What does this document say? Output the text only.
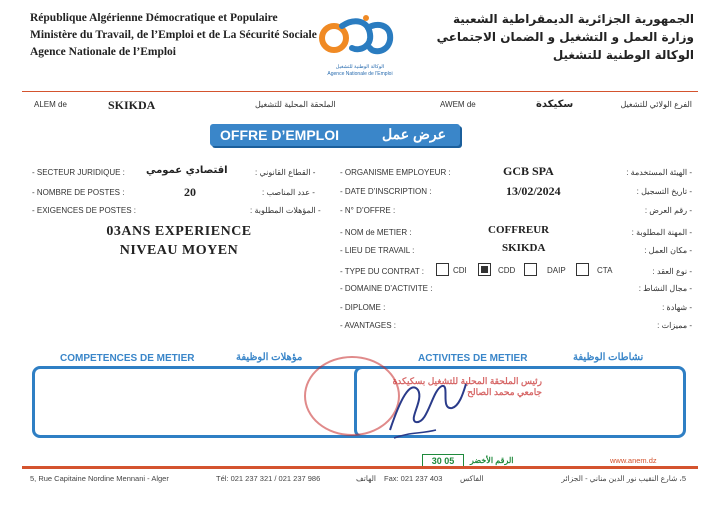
République Algérienne Démocratique et Populaire
Ministère du Travail, de l’Emploi et de La Sécurité Sociale
Agence Nationale de l’Emploi
الوكالة الوطنية للتشغيل
Agence Nationale de l'Emploi
الجمهورية الجزائرية الديمقراطية الشعبية
وزارة العمل و التشغيل و الضمان الاجتماعي
الوكالة الوطنية للتشغيل
ALEM de	SKIKDA	الملحقة المحلية للتشغيل	AWEM de	سكيكدة	الفرع الولائي للتشغيل
OFFRE D’EMPLOI	عرض عمل
- SECTEUR JURIDIQUE : اقتصادي عمومي	- القطاع القانوني :
- NOMBRE DE POSTES :	20	- عدد المناصب :
- EXIGENCES DE POSTES :	- المؤهلات المطلوبة :
03ANS EXPERIENCE
NIVEAU MOYEN
- ORGANISME EMPLOYEUR :	GCB SPA	- الهيئة المستخدمة :
- DATE D’INSCRIPTION :	13/02/2024	- تاريخ التسجيل :
- N° D’OFFRE :	- رقم العرض :
- NOM de METIER :	COFFREUR	- المهنة المطلوبة :
- LIEU DE TRAVAIL :	SKIKDA	- مكان العمل :
- TYPE DU CONTRAT :	CDI	CDD	DAIP	CTA	- نوع العقد :
- DOMAINE D’ACTIVITE :	- مجال النشاط :
- DIPLOME :	- شهادة :
- AVANTAGES :	- مميزات :
COMPETENCES DE METIER	مؤهلات الوظيفة	ACTIVITES DE METIER	نشاطات الوظيفة
رئيس الملحقة المحلية للتشغيل بسكيكدة
جامعي محمد الصالح
30 05	الرقم الأخضر	www.anem.dz
5, Rue Capitaine Nordine Mennani - Alger	Tél: 021 237 321 / 021 237 986	الهاتف Fax: 021 237 403 الفاكس	5، شارع النقيب نور الدين مناني - الجزائر
